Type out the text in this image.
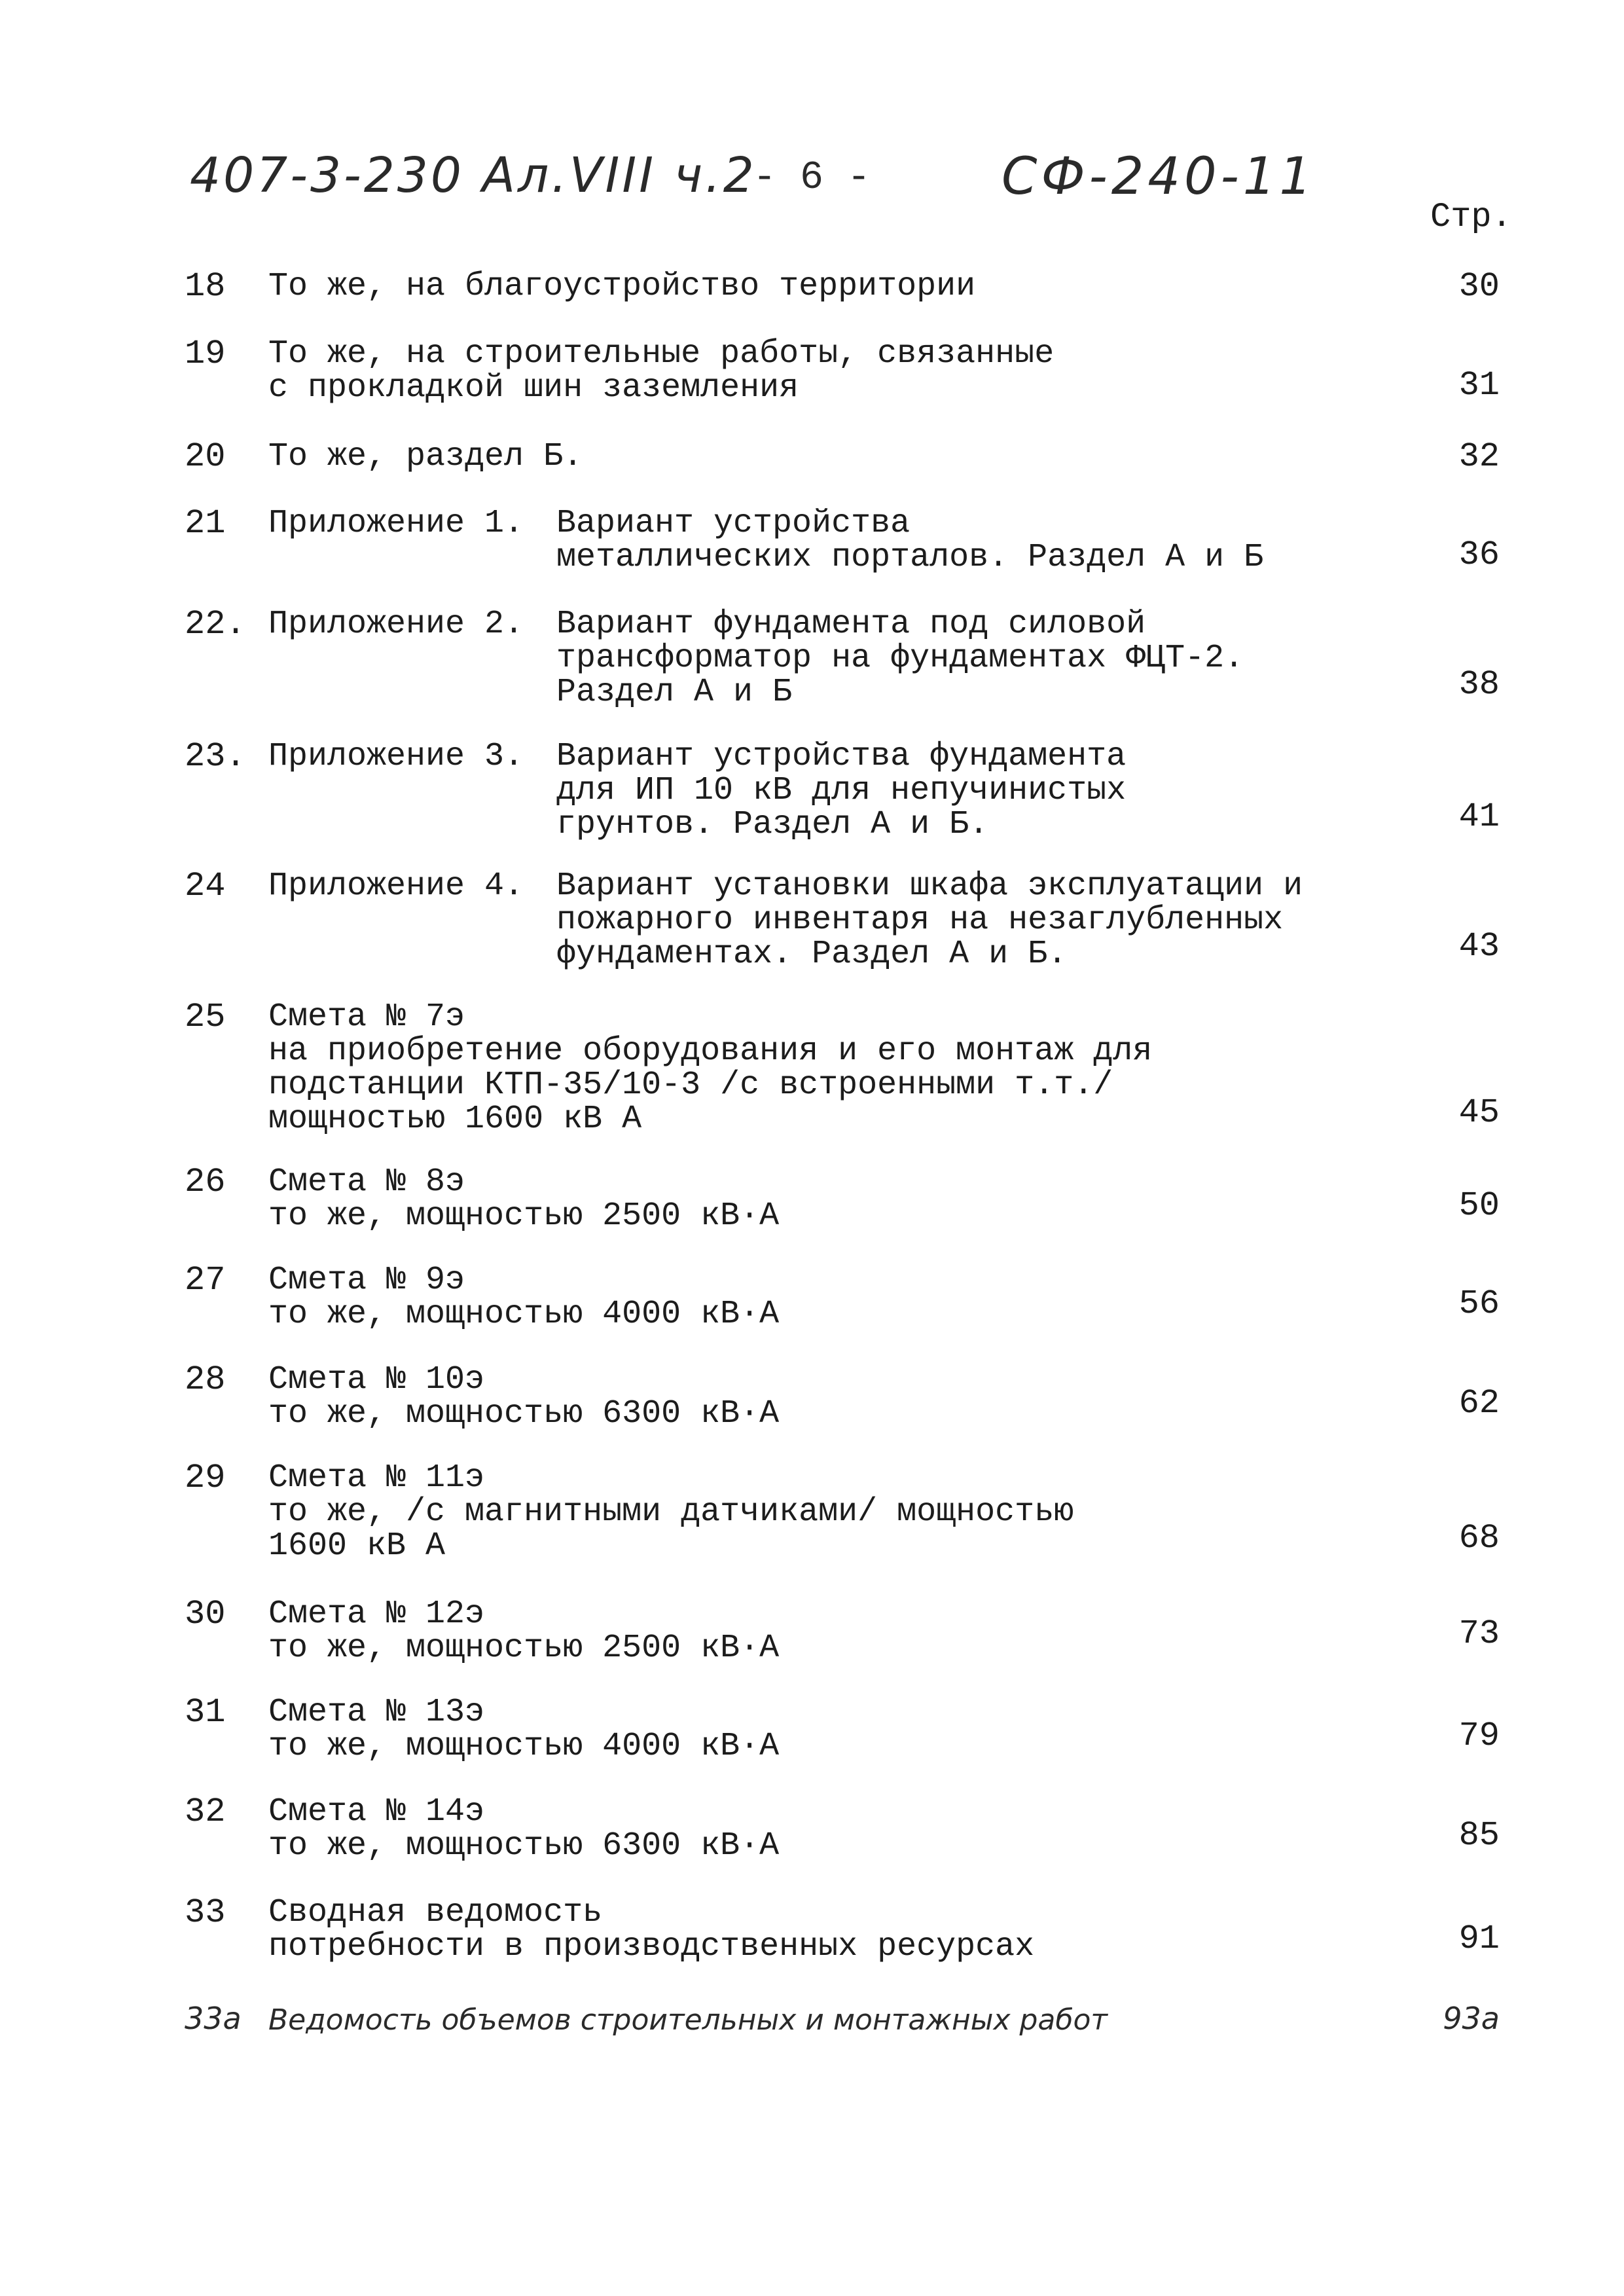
407-3-230 Ал.VIII ч.2
- 6 -	СФ-240-11
Стр.
18 То же, на благоустройство территории	30
19 То же, на строительные работы, связанные
с прокладкой шин заземления	31
20 То же, раздел Б.	32
21 Приложение 1. Вариант устройства
металлических порталов. Раздел А и Б	36
22. Приложение 2. Вариант фундамента под силовой
трансформатор на фундаментах ФЦТ-2.
Раздел А и Б	38
23. Приложение 3. Вариант устройства фундамента
для ИП 10 кВ для непучинистых
грунтов. Раздел А и Б.	41
24 Приложение 4. Вариант установки шкафа эксплуатации и
пожарного инвентаря на незаглубленных
фундаментах. Раздел А и Б.	43
25 Смета № 7э
на приобретение оборудования и его монтаж для
подстанции КТП-35/10-3 /с встроенными т.т./
мощностью 1600 кВ А	45
26 Смета № 8э
то же, мощностью 2500 кВ·А	50
27 Смета № 9э
то же, мощностью 4000 кВ·А	56
28 Смета № 10э
то же, мощностью 6300 кВ·А	62
29 Смета № 11э
то же, /с магнитными датчиками/ мощностью
1600 кВ А	68
30 Смета № 12э
то же, мощностью 2500 кВ·А	73
31 Смета № 13э
то же, мощностью 4000 кВ·А	79
32 Смета № 14э
то же, мощностью 6300 кВ·А	85
33 Сводная ведомость
потребности в производственных ресурсах	91
33а Ведомость объемов строительных и монтажных работ	93а
